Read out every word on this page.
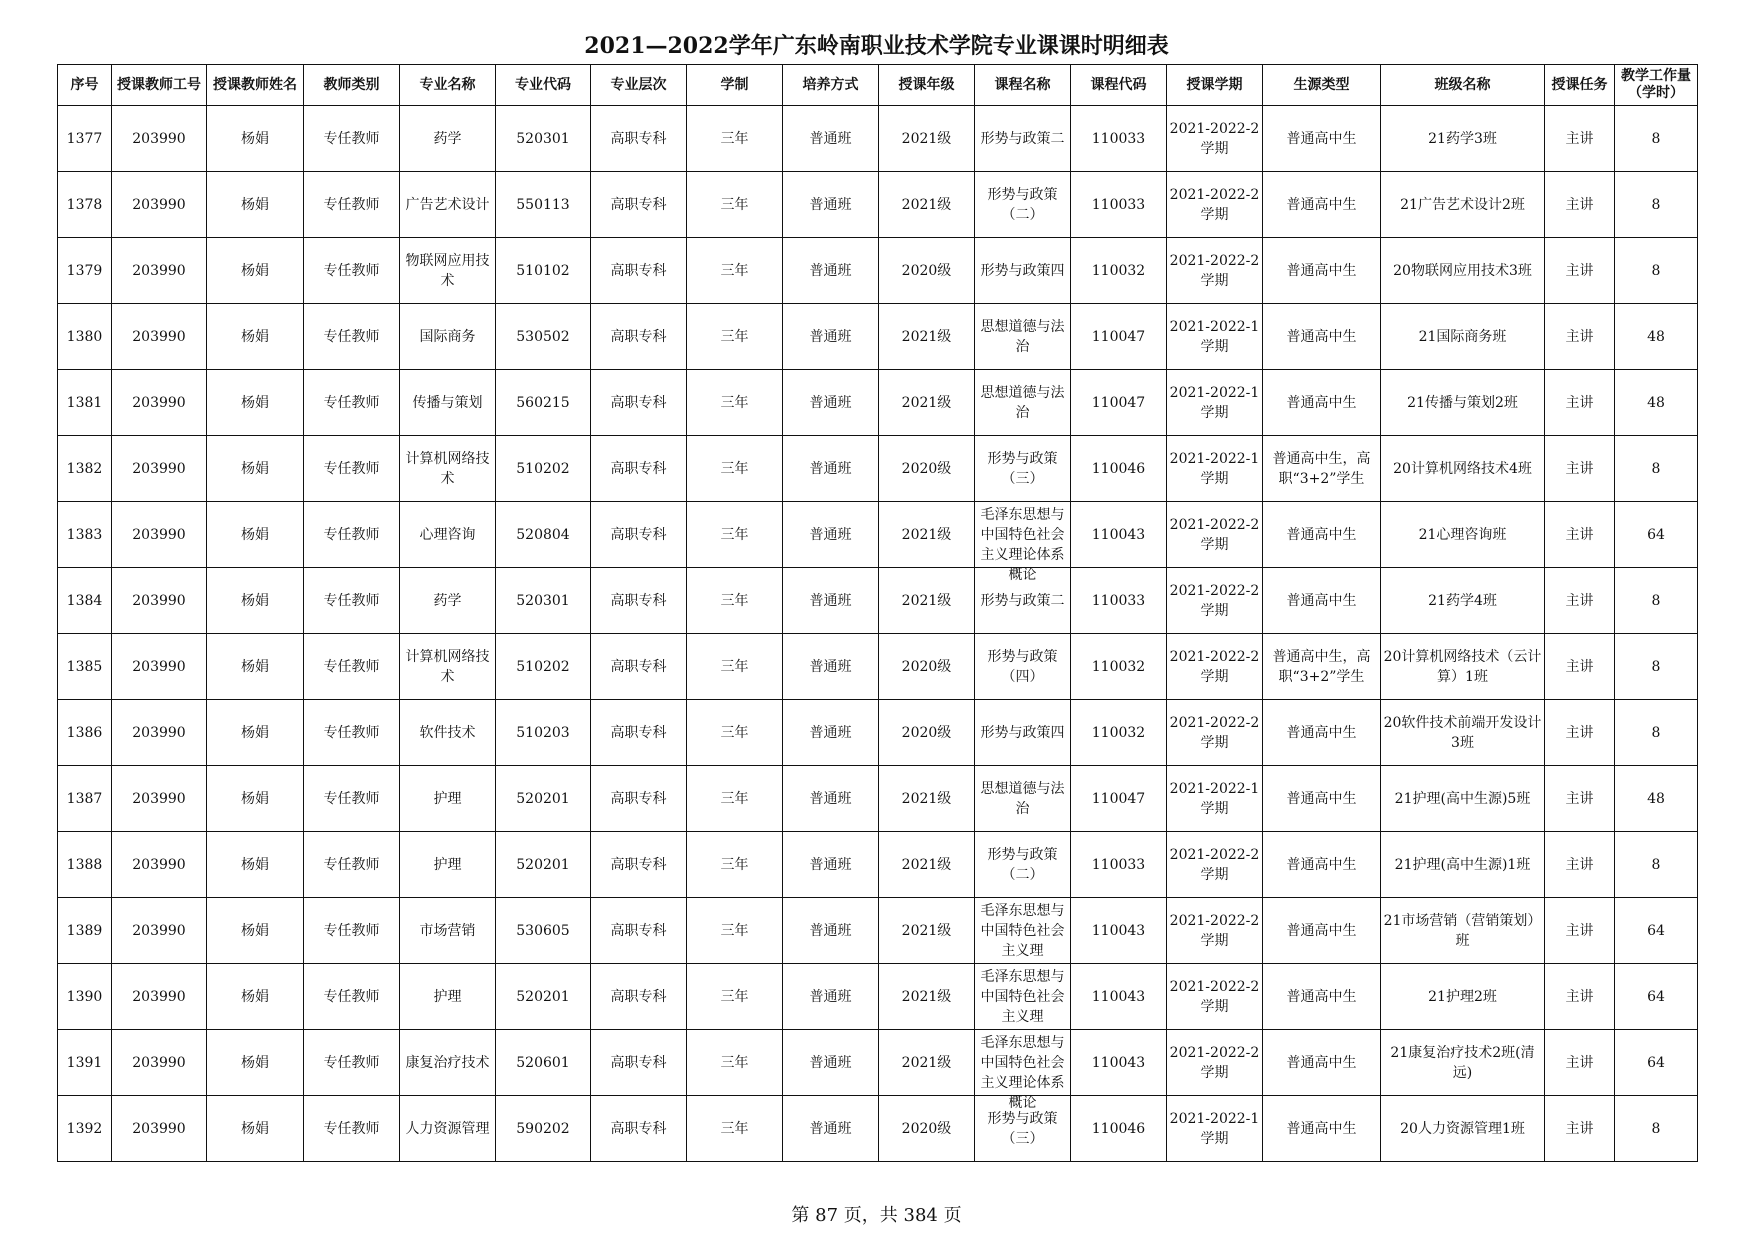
2021—2022学年广东岭南职业技术学院专业课课时明细表
序号	授课教师工号	授课教师姓名	教师类别	专业名称	专业代码	专业层次	学制	培养方式	授课年级	课程名称	课程代码	授课学期	生源类型	班级名称	授课任务	教学工作量（学时）

1377	203990	杨娟	专任教师	药学	520301	高职专科	三年	普通班	2021级	形势与政策二	110033	2021-2022-2学期	普通高中生	21药学3班	主讲	8

1378	203990	杨娟	专任教师	广告艺术设计	550113	高职专科	三年	普通班	2021级	形势与政策（二）	110033	2021-2022-2学期	普通高中生	21广告艺术设计2班	主讲	8

1379	203990	杨娟	专任教师	物联网应用技术	510102	高职专科	三年	普通班	2020级	形势与政策四	110032	2021-2022-2学期	普通高中生	20物联网应用技术3班	主讲	8

1380	203990	杨娟	专任教师	国际商务	530502	高职专科	三年	普通班	2021级	思想道德与法治	110047	2021-2022-1学期	普通高中生	21国际商务班	主讲	48

1381	203990	杨娟	专任教师	传播与策划	560215	高职专科	三年	普通班	2021级	思想道德与法治	110047	2021-2022-1学期	普通高中生	21传播与策划2班	主讲	48

1382	203990	杨娟	专任教师	计算机网络技术	510202	高职专科	三年	普通班	2020级	形势与政策（三）	110046	2021-2022-1学期	普通高中生，高职“3+2”学生	20计算机网络技术4班	主讲	8

1383	203990	杨娟	专任教师	心理咨询	520804	高职专科	三年	普通班	2021级	毛泽东思想与中国特色社会主义理论体系概论	110043	2021-2022-2学期	普通高中生	21心理咨询班	主讲	64

1384	203990	杨娟	专任教师	药学	520301	高职专科	三年	普通班	2021级	形势与政策二	110033	2021-2022-2学期	普通高中生	21药学4班	主讲	8

1385	203990	杨娟	专任教师	计算机网络技术	510202	高职专科	三年	普通班	2020级	形势与政策（四）	110032	2021-2022-2学期	普通高中生，高职“3+2”学生	20计算机网络技术（云计算）1班	主讲	8

1386	203990	杨娟	专任教师	软件技术	510203	高职专科	三年	普通班	2020级	形势与政策四	110032	2021-2022-2学期	普通高中生	20软件技术前端开发设计3班	主讲	8

1387	203990	杨娟	专任教师	护理	520201	高职专科	三年	普通班	2021级	思想道德与法治	110047	2021-2022-1学期	普通高中生	21护理(高中生源)5班	主讲	48

1388	203990	杨娟	专任教师	护理	520201	高职专科	三年	普通班	2021级	形势与政策（二）	110033	2021-2022-2学期	普通高中生	21护理(高中生源)1班	主讲	8

1389	203990	杨娟	专任教师	市场营销	530605	高职专科	三年	普通班	2021级	毛泽东思想与中国特色社会主义理	110043	2021-2022-2学期	普通高中生	21市场营销（营销策划）班	主讲	64

1390	203990	杨娟	专任教师	护理	520201	高职专科	三年	普通班	2021级	毛泽东思想与中国特色社会主义理	110043	2021-2022-2学期	普通高中生	21护理2班	主讲	64

1391	203990	杨娟	专任教师	康复治疗技术	520601	高职专科	三年	普通班	2021级	毛泽东思想与中国特色社会主义理论体系概论	110043	2021-2022-2学期	普通高中生	21康复治疗技术2班(清远)	主讲	64

1392	203990	杨娟	专任教师	人力资源管理	590202	高职专科	三年	普通班	2020级	形势与政策（三）	110046	2021-2022-1学期	普通高中生	20人力资源管理1班	主讲	8
第 87 页，共 384 页
